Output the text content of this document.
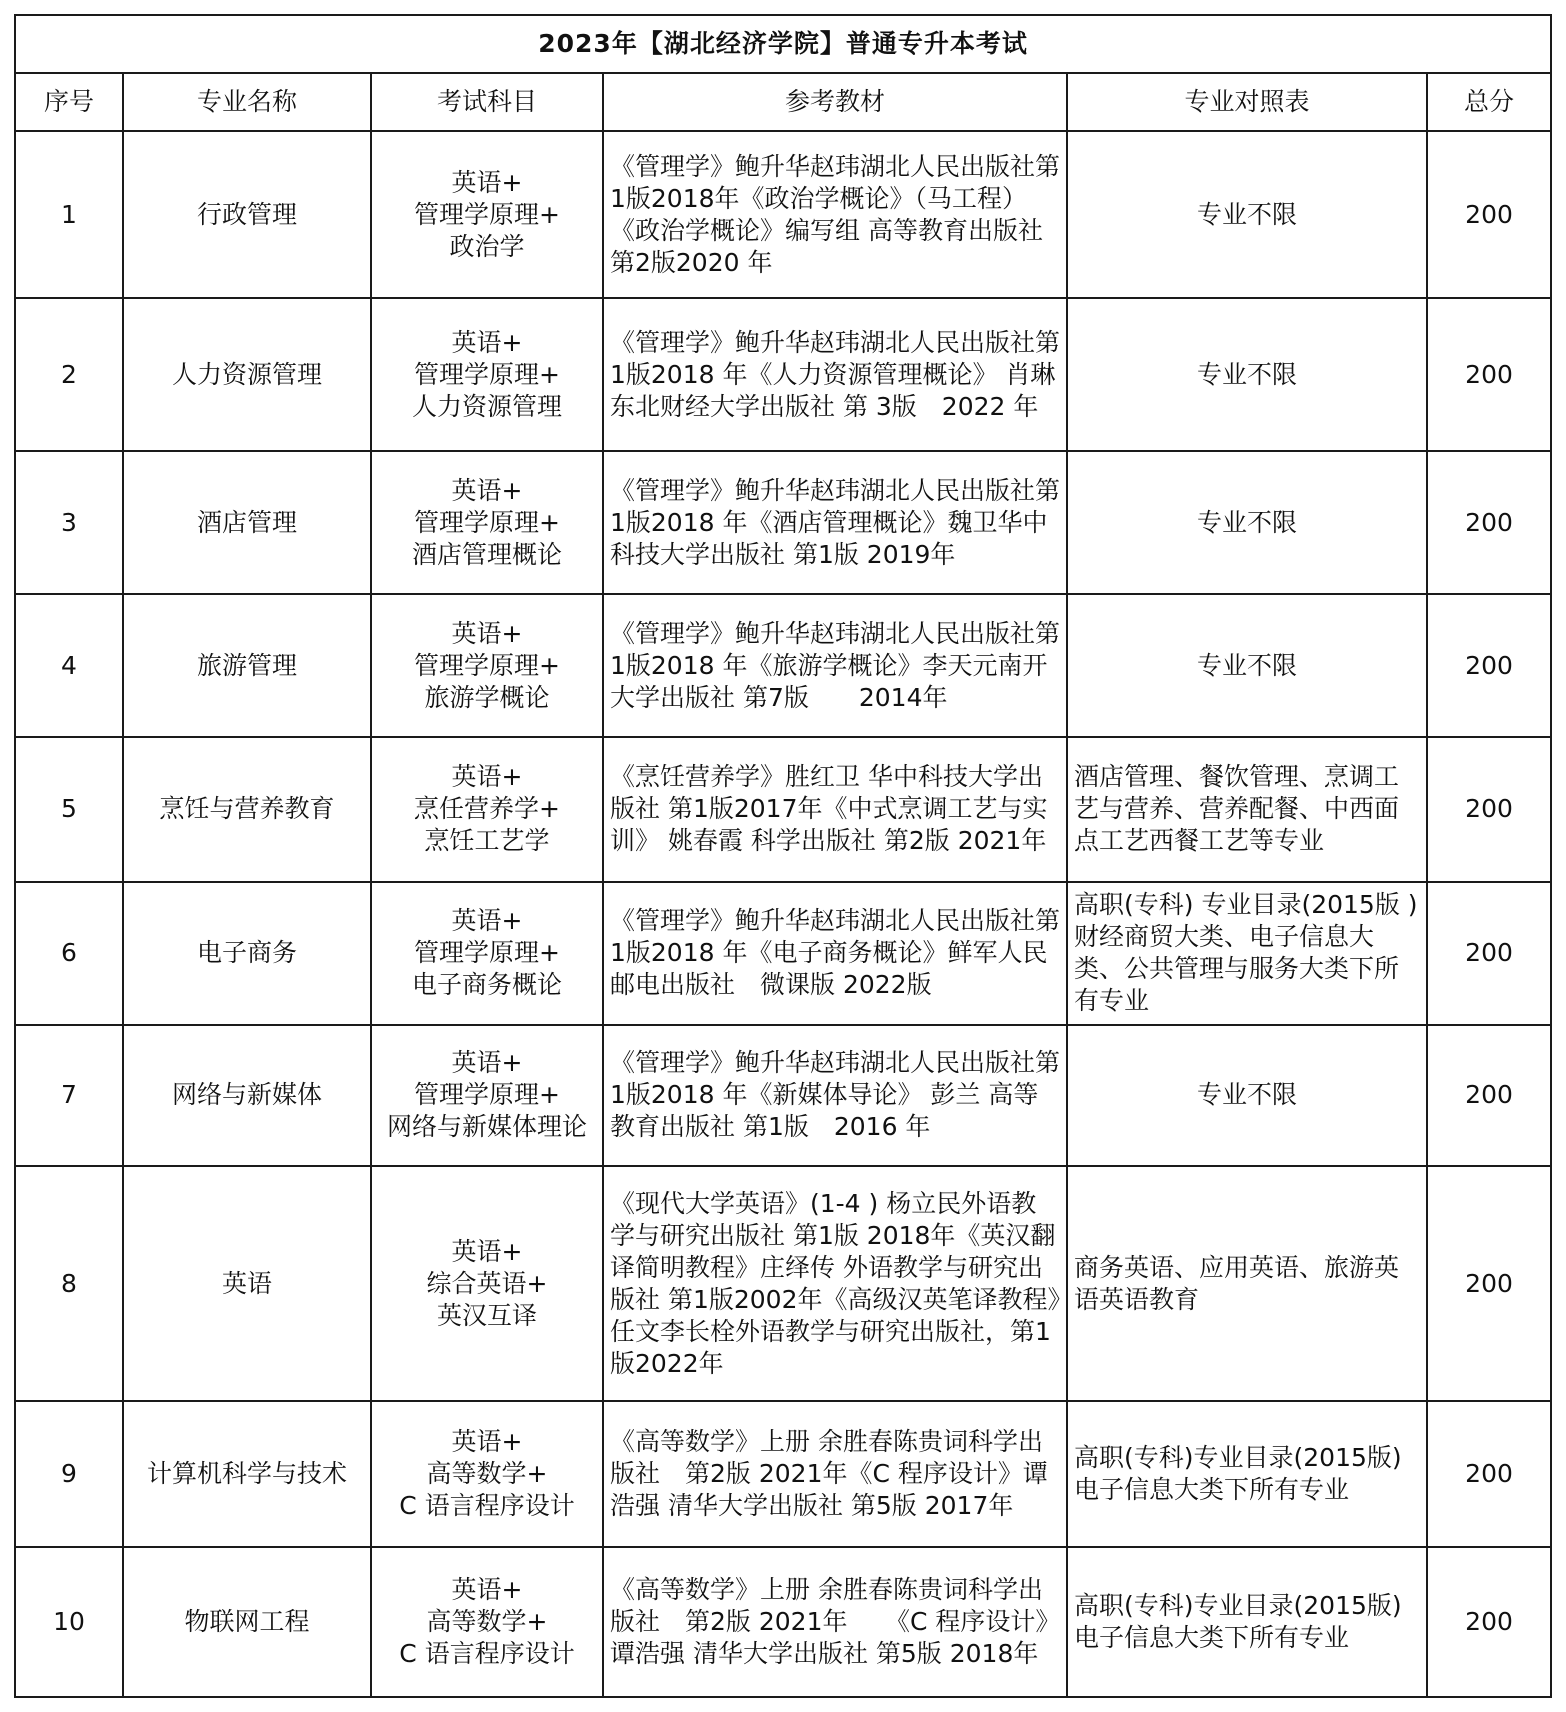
2023年【湖北经济学院】普通专升本考试					
序号	专业名称	考试科目	参考教材	专业对照表	总分
1	行政管理	英语+
管理学原理+
政治学	《管理学》鲍升华赵玮湖北人民出版社第1版2018年《政治学概论》（马工程）《政治学概论》编写组 高等教育出版社　第2版2020 年	专业不限	200
2	人力资源管理	英语+
管理学原理+
人力资源管理	《管理学》鲍升华赵玮湖北人民出版社第1版2018 年《人力资源管理概论》 肖琳 东北财经大学出版社 第 3版　2022 年	专业不限	200
3	酒店管理	英语+
管理学原理+
酒店管理概论	《管理学》鲍升华赵玮湖北人民出版社第1版2018 年《酒店管理概论》魏卫华中科技大学出版社 第1版 2019年	专业不限	200
4	旅游管理	英语+
管理学原理+
旅游学概论	《管理学》鲍升华赵玮湖北人民出版社第1版2018 年《旅游学概论》李天元南开大学出版社 第7版　　2014年	专业不限	200
5	烹饪与营养教育	英语+
烹任营养学+
烹饪工艺学	《烹饪营养学》胜红卫 华中科技大学出版社 第1版2017年《中式烹调工艺与实训》 姚春霞 科学出版社 第2版 2021年	酒店管理、餐饮管理、烹调工艺与营养、营养配餐、中西面点工艺西餐工艺等专业	200
6	电子商务	英语+
管理学原理+
电子商务概论	《管理学》鲍升华赵玮湖北人民出版社第1版2018 年《电子商务概论》鲜军人民邮电出版社　微课版 2022版	高职(专科) 专业目录(2015版 )财经商贸大类、电子信息大类、公共管理与服务大类下所有专业	200
7	网络与新媒体	英语+
管理学原理+
网络与新媒体理论	《管理学》鲍升华赵玮湖北人民出版社第1版2018 年《新媒体导论》 彭兰 高等教育出版社 第1版　2016 年	专业不限	200
8	英语	英语+
综合英语+
英汉互译	《现代大学英语》(1-4 ) 杨立民外语教学与研究出版社 第1版 2018年《英汉翻译简明教程》庄绎传 外语教学与研究出版社 第1版2002年《高级汉英笔译教程》任文李长栓外语教学与研究出版社，第1版2022年	商务英语、应用英语、旅游英语英语教育	200
9	计算机科学与技术	英语+
高等数学+
C 语言程序设计	《高等数学》上册 余胜春陈贵词科学出版社　第2版 2021年《C 程序设计》谭浩强 清华大学出版社 第5版 2017年	高职(专科)专业目录(2015版)电子信息大类下所有专业	200
10	物联网工程	英语+
高等数学+
C 语言程序设计	《高等数学》上册 余胜春陈贵词科学出版社　第2版 2021年　　《C 程序设计》谭浩强 清华大学出版社 第5版 2018年	高职(专科)专业目录(2015版)电子信息大类下所有专业	200
